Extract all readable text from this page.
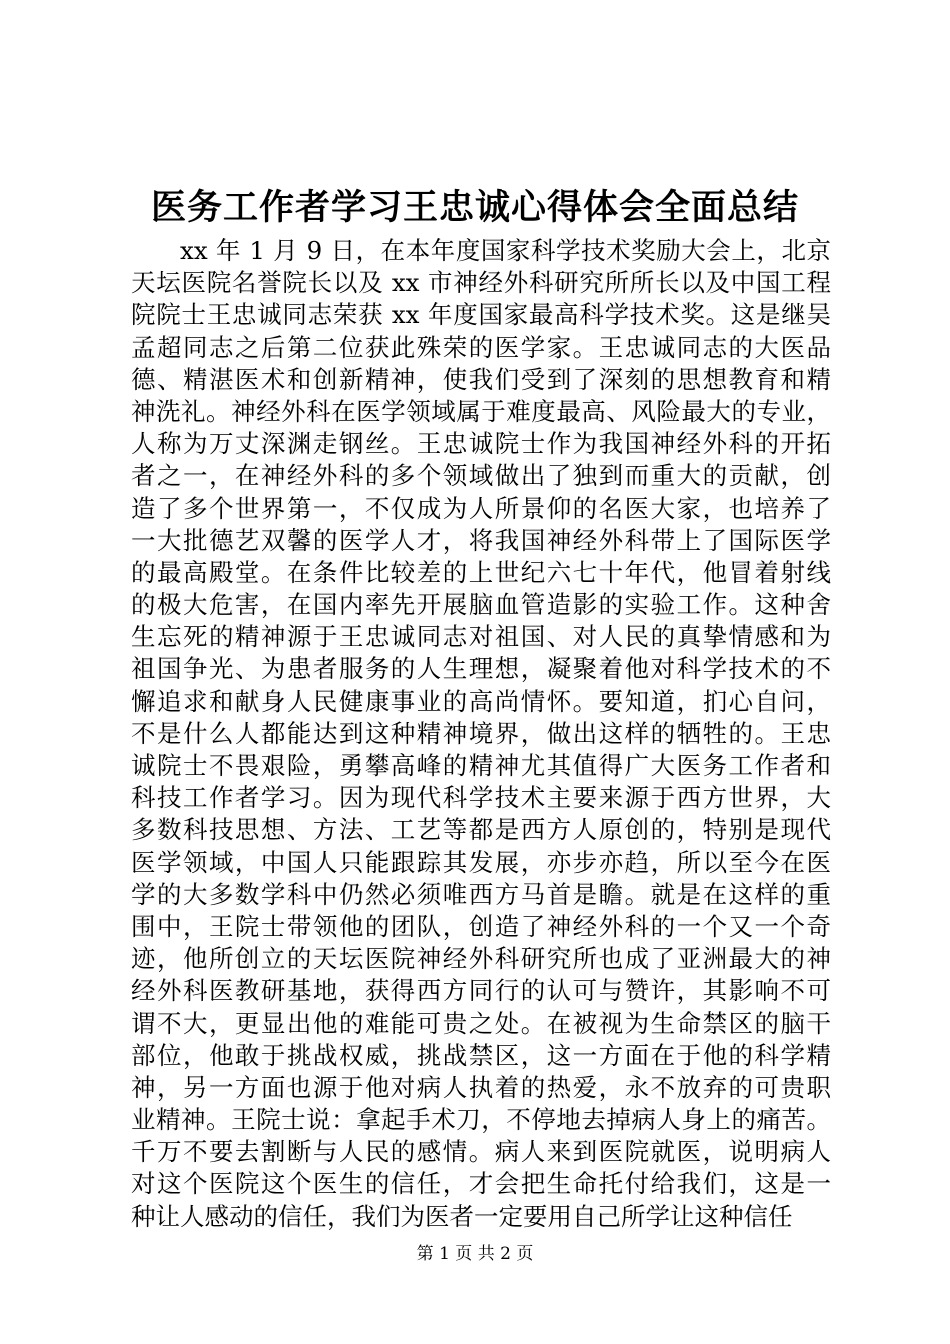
医务工作者学习王忠诚心得体会全面总结
xx 年 1 月 9 日，在本年度国家科学技术奖励大会上，北京
天坛医院名誉院长以及 xx 市神经外科研究所所长以及中国工程
院院士王忠诚同志荣获 xx 年度国家最高科学技术奖。这是继吴
孟超同志之后第二位获此殊荣的医学家。王忠诚同志的大医品
德、精湛医术和创新精神，使我们受到了深刻的思想教育和精
神洗礼。神经外科在医学领域属于难度最高、风险最大的专业，
人称为万丈深渊走钢丝。王忠诚院士作为我国神经外科的开拓
者之一，在神经外科的多个领域做出了独到而重大的贡献，创
造了多个世界第一，不仅成为人所景仰的名医大家，也培养了
一大批德艺双馨的医学人才，将我国神经外科带上了国际医学
的最高殿堂。在条件比较差的上世纪六七十年代，他冒着射线
的极大危害，在国内率先开展脑血管造影的实验工作。这种舍
生忘死的精神源于王忠诚同志对祖国、对人民的真挚情感和为
祖国争光、为患者服务的人生理想，凝聚着他对科学技术的不
懈追求和献身人民健康事业的高尚情怀。要知道，扪心自问，
不是什么人都能达到这种精神境界，做出这样的牺牲的。王忠
诚院士不畏艰险，勇攀高峰的精神尤其值得广大医务工作者和
科技工作者学习。因为现代科学技术主要来源于西方世界，大
多数科技思想、方法、工艺等都是西方人原创的，特别是现代
医学领域，中国人只能跟踪其发展，亦步亦趋，所以至今在医
学的大多数学科中仍然必须唯西方马首是瞻。就是在这样的重
围中，王院士带领他的团队，创造了神经外科的一个又一个奇
迹，他所创立的天坛医院神经外科研究所也成了亚洲最大的神
经外科医教研基地，获得西方同行的认可与赞许，其影响不可
谓不大，更显出他的难能可贵之处。在被视为生命禁区的脑干
部位，他敢于挑战权威，挑战禁区，这一方面在于他的科学精
神，另一方面也源于他对病人执着的热爱，永不放弃的可贵职
业精神。王院士说：拿起手术刀，不停地去掉病人身上的痛苦。
千万不要去割断与人民的感情。病人来到医院就医，说明病人
对这个医院这个医生的信任，才会把生命托付给我们，这是一
种让人感动的信任，我们为医者一定要用自己所学让这种信任
第 1 页 共 2 页
